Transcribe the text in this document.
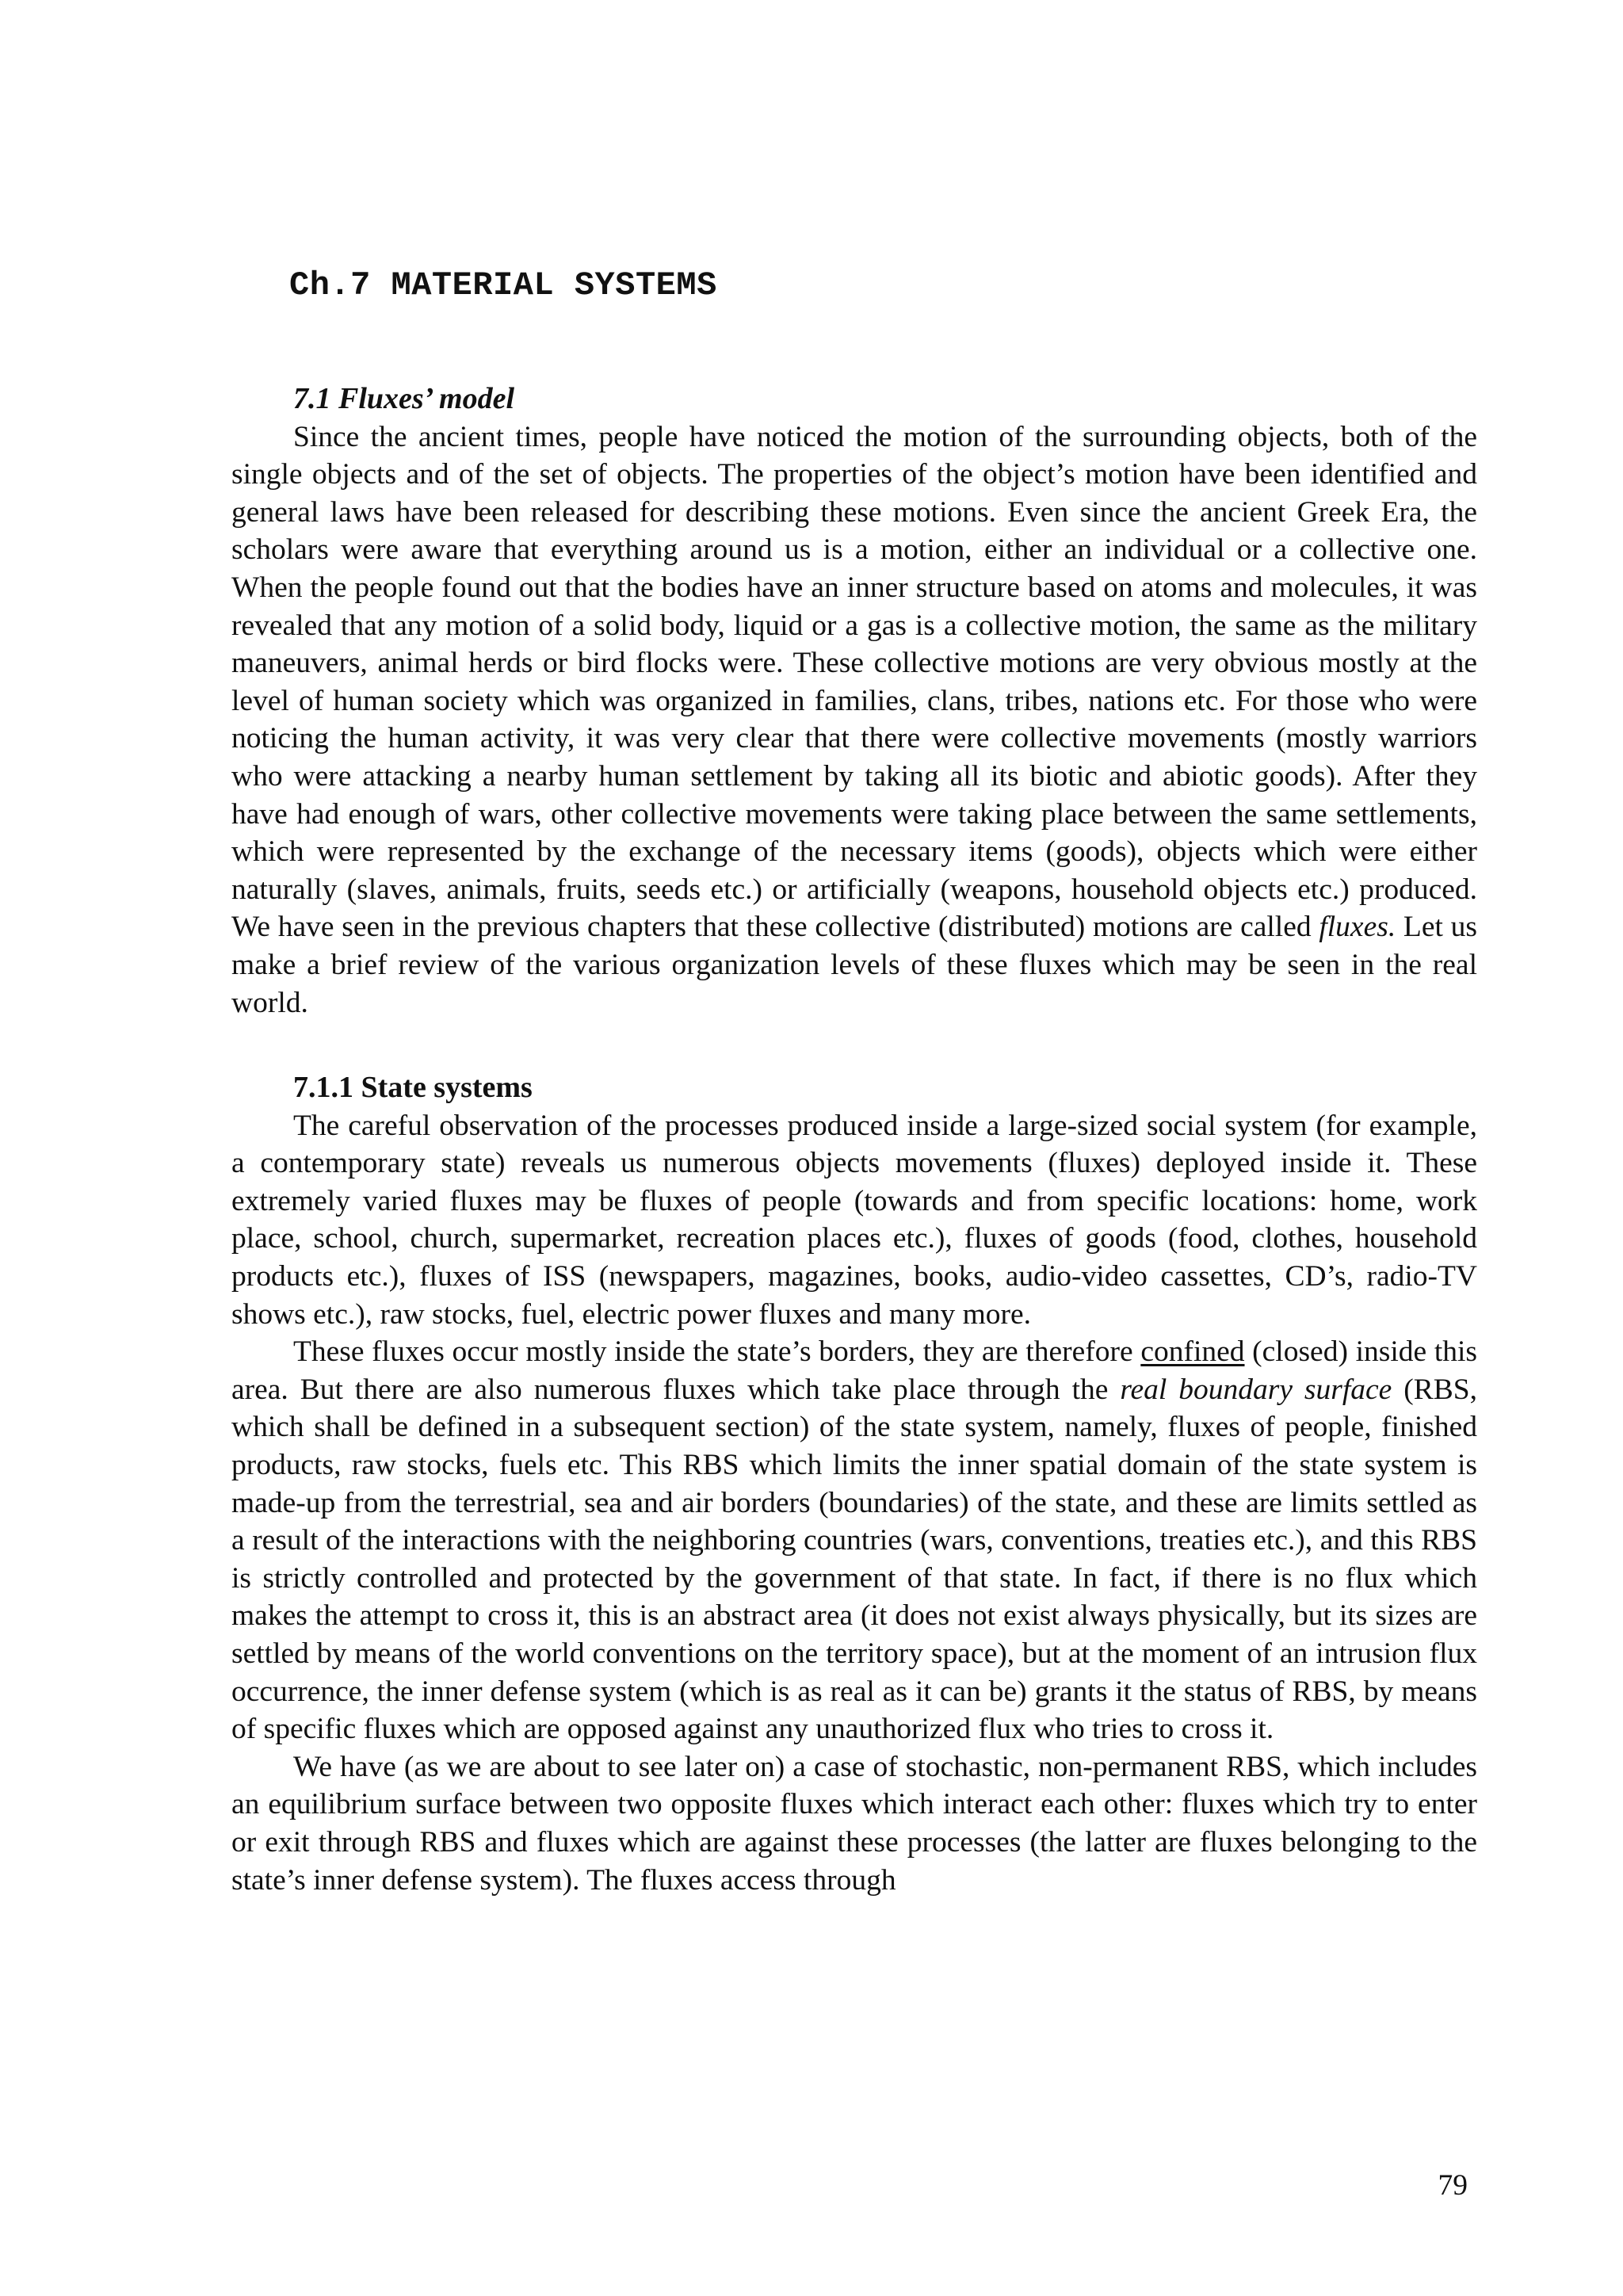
Ch.7 MATERIAL SYSTEMS
7.1 Fluxes’ model

Since the ancient times, people have noticed the motion of the surrounding objects, both of the single objects and of the set of objects. The properties of the object’s motion have been identified and general laws have been released for describing these motions. Even since the ancient Greek Era, the scholars were aware that everything around us is a motion, either an individual or a collective one. When the people found out that the bodies have an inner structure based on atoms and molecules, it was revealed that any motion of a solid body, liquid or a gas is a collective motion, the same as the military maneuvers, animal herds or bird flocks were. These collective motions are very obvious mostly at the level of human society which was organized in families, clans, tribes, nations etc. For those who were noticing the human activity, it was very clear that there were collective movements (mostly warriors who were attacking a nearby human settlement by taking all its biotic and abiotic goods). After they have had enough of wars, other collective movements were taking place between the same settlements, which were represented by the exchange of the necessary items (goods), objects which were either naturally (slaves, animals, fruits, seeds etc.) or artificially (weapons, household objects etc.) produced. We have seen in the previous chapters that these collective (distributed) motions are called fluxes. Let us make a brief review of the various organization levels of these fluxes which may be seen in the real world.

7.1.1 State systems

The careful observation of the processes produced inside a large-sized social system (for example, a contemporary state) reveals us numerous objects movements (fluxes) deployed inside it. These extremely varied fluxes may be fluxes of people (towards and from specific locations: home, work place, school, church, supermarket, recreation places etc.), fluxes of goods (food, clothes, household products etc.), fluxes of ISS (newspapers, magazines, books, audio-video cassettes, CD’s, radio-TV shows etc.), raw stocks, fuel, electric power fluxes and many more.

These fluxes occur mostly inside the state’s borders, they are therefore confined (closed) inside this area. But there are also numerous fluxes which take place through the real boundary surface (RBS, which shall be defined in a subsequent section) of the state system, namely, fluxes of people, finished products, raw stocks, fuels etc. This RBS which limits the inner spatial domain of the state system is made-up from the terrestrial, sea and air borders (boundaries) of the state, and these are limits settled as a result of the interactions with the neighboring countries (wars, conventions, treaties etc.), and this RBS is strictly controlled and protected by the government of that state. In fact, if there is no flux which makes the attempt to cross it, this is an abstract area (it does not exist always physically, but its sizes are settled by means of the world conventions on the territory space), but at the moment of an intrusion flux occurrence, the inner defense system (which is as real as it can be) grants it the status of RBS, by means of specific fluxes which are opposed against any unauthorized flux who tries to cross it.

We have (as we are about to see later on) a case of stochastic, non-permanent RBS, which includes an equilibrium surface between two opposite fluxes which interact each other: fluxes which try to enter or exit through RBS and fluxes which are against these processes (the latter are fluxes belonging to the state’s inner defense system). The fluxes access through

79
